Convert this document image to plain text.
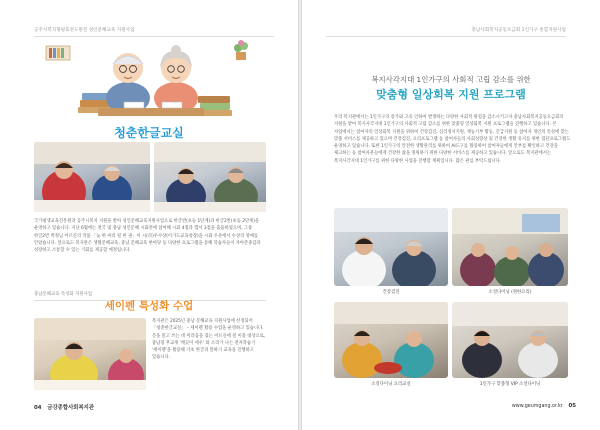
공주시복지형평효전도원전 성인문해교육 지원사업
청춘한글교실
국가평생교육진흥원과 공주시복지 지원을 받아 성인문해교육지원사업으로 한글반(초등 1단계)과 한글2반(초등 2단계)을 운영하고 있습니다. 지난 6월에는 전국 및 충남 성인문해 시화전에 참여해 시화 4점과 캠서 3점을 출품하였으며, 그중 한글2반 박정님 어르신의 작품 「늦 한 마리 될 한 권」이 시(市)우수상(이가도교육청장)을 시화 우분에서 수상의 영예를 안았습니다. 앞으로도 복지관은 생활문해교육, 충남 문해교육 한마당 등 다양한 프로그램을 통해 학습자들이 자아존중감과 성장하고 소통할 수 있는 기회를 제공할 예정입니다.
충남문해교육 특성화 지원사업
세이펜 특성화 수업
복지관은 2025년 충남 문해교육 지원사업에 선정되어 「청춘한글교실」 – 세이펜 활용 수업을 운영하고 있습니다. 문을 읽고 쓰는 데 어려움을 겪는 어르신에 질 이용 대상으로, 충남형 무교재 '깨끗이 세우' 와 소리가 나는 전자학습기 '세이펜'을 활용해 기초 한글과 말하기 교육을 진행하고 있습니다.
04 금강종합사회복지관
충남사회복지공동모금회 1인가구 통합지원사업
복지사각지대 1인가구의 사회적 고립 감소를 위한
맞춤형 일상회복 지원 프로그램
우리 복지관에서는 1인가구의 증가와 고유 인하여 발생하는 다양한 사회적 위험을 감소시키고자 충남사회복지공동모금회의 지원을 받아 복지사각지대 1인가구의 사회적 고립 감소를 위한 맞춤형 일상회복 지원 프로그램을 진행하고 있습니다. 본 사업에서는 참여자의 일상회복 지원을 위하여 건강검진, 심리정서지원, 재능기부 활동, 긴급지원 등 참여자 개인의 특성에 맞는 맞춤 서비스를 제공하고 있으며 건강검진, 요리프로그램 등 참여자들의 사회성향상 및 건강한 생활 유지를 위한 집단프로그램도 운영하고 있습니다. 또한 1인가구의 안전한 생활관리를 위하여 AI도구를 활용하여 참여자들에게 안부를 확인하고 건강을 체크하는 등 참여자분들에게 건강한 삶을 영위하기 위한 다양한 서비스를 제공하고 있습니다. 앞으로도 복지관에서는 복지사각지대 1인가구를 위한 다양한 사업을 진행할 계획입니다. 많은 관심 부탁드립니다.
건강검진	소셜다이닝 (원한요리)
소셜다이닝 요리교실	1인가구 맞춤형 VIP 소셜다이닝
www.geumgang.or.kr 05
